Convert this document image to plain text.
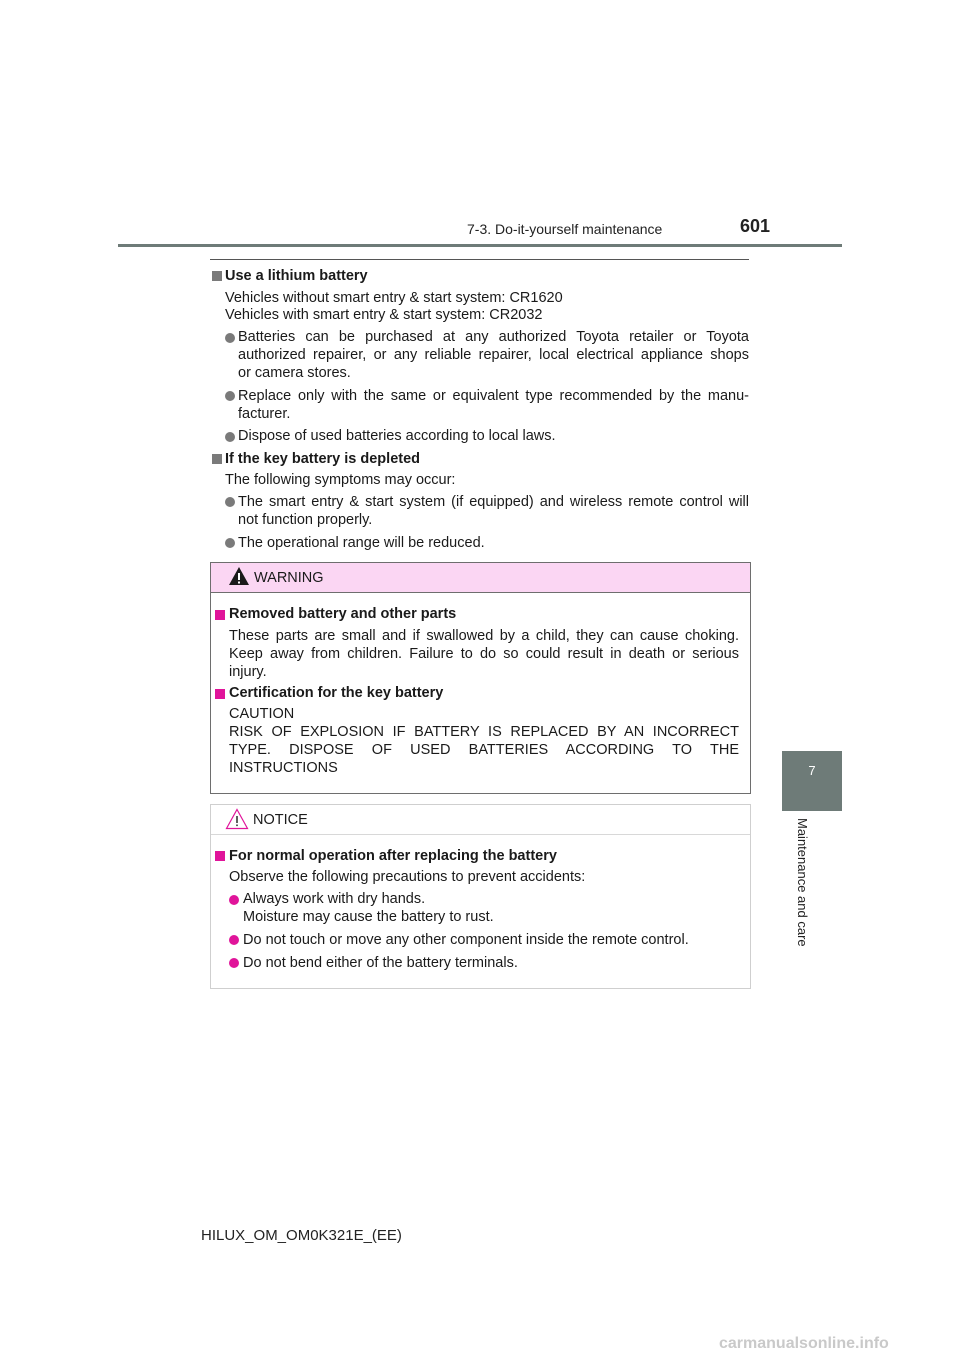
7-3. Do-it-yourself maintenance	601
7
Maintenance and care
Use a lithium battery
Vehicles without smart entry & start system: CR1620
Vehicles with smart entry & start system: CR2032
Batteries can be purchased at any authorized Toyota retailer or Toyota
authorized repairer, or any reliable repairer, local electrical appliance shops
or camera stores.
Replace only with the same or equivalent type recommended by the manu-
facturer.
Dispose of used batteries according to local laws.
If the key battery is depleted
The following symptoms may occur:
The smart entry & start system (if equipped) and wireless remote control will
not function properly.
The operational range will be reduced.
WARNING
Removed battery and other parts
These parts are small and if swallowed by a child, they can cause choking.
Keep away from children. Failure to do so could result in death or serious
injury.
Certification for the key battery
CAUTION
RISK OF EXPLOSION IF BATTERY IS REPLACED BY AN INCORRECT
TYPE. DISPOSE OF USED BATTERIES ACCORDING TO THE
INSTRUCTIONS
NOTICE
For normal operation after replacing the battery
Observe the following precautions to prevent accidents:
Always work with dry hands.
Moisture may cause the battery to rust.
Do not touch or move any other component inside the remote control.
Do not bend either of the battery terminals.
HILUX_OM_OM0K321E_(EE)
carmanualsonline.info
